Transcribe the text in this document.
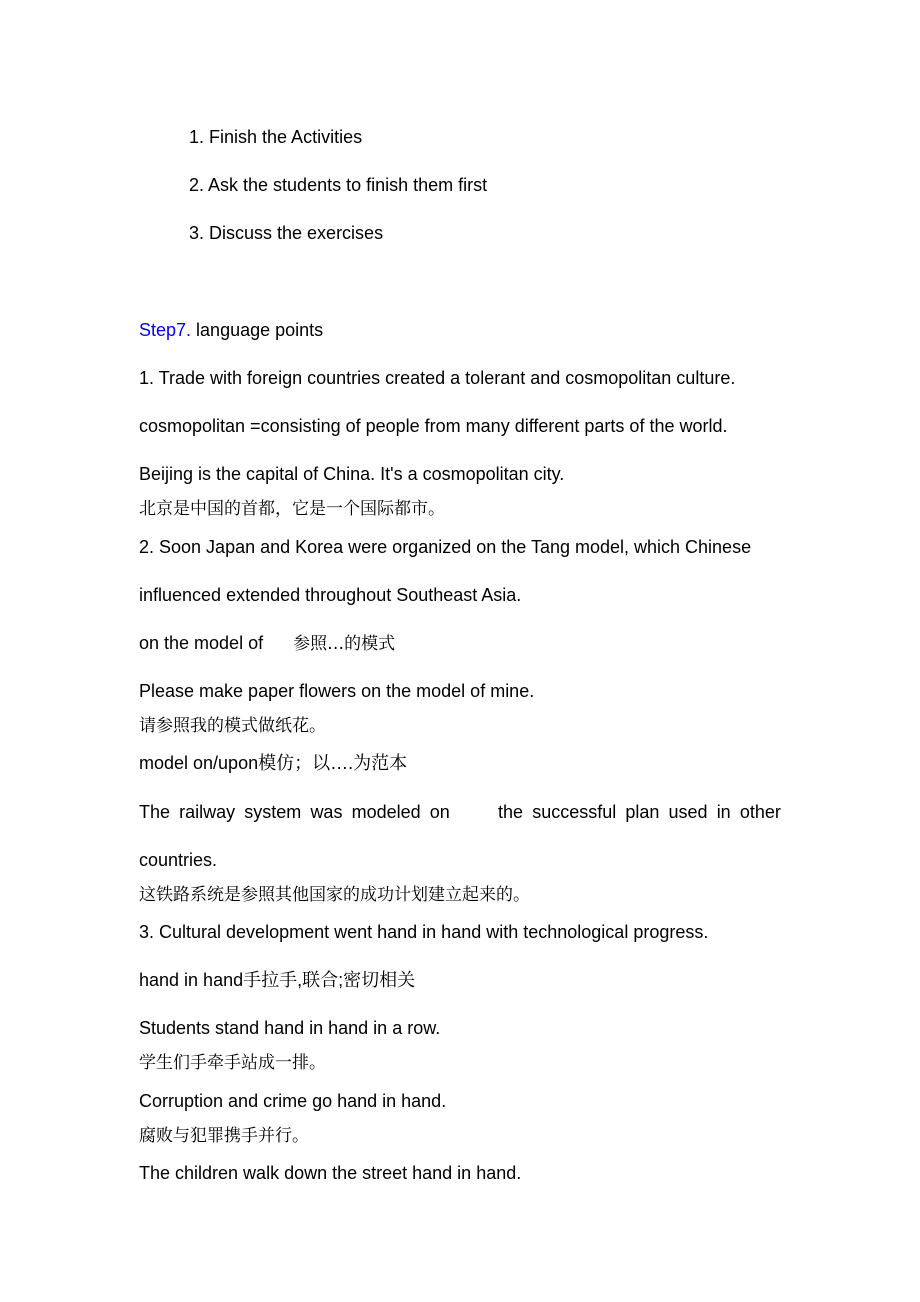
1. Finish the Activities
2. Ask the students to finish them first
3. Discuss the exercises
Step7. language points
1. Trade with foreign countries created a tolerant and cosmopolitan culture.
cosmopolitan =consisting of people from many different parts of the world.
Beijing is the capital of China. It's a cosmopolitan city.
北京是中国的首都，它是一个国际都市。
2. Soon Japan and Korea were organized on the Tang model, which Chinese
influenced extended throughout Southeast Asia.
on the model of 参照…的模式
Please make paper flowers on the model of mine.
请参照我的模式做纸花。
model on/upon模仿；以….为范本
The railway system was modeled on	the successful plan used in other
countries.
这铁路系统是参照其他国家的成功计划建立起来的。
3. Cultural development went hand in hand with technological progress.
hand in hand手拉手,联合;密切相关
Students stand hand in hand in a row.
学生们手牵手站成一排。
Corruption and crime go hand in hand.
腐败与犯罪携手并行。
The children walk down the street hand in hand.
